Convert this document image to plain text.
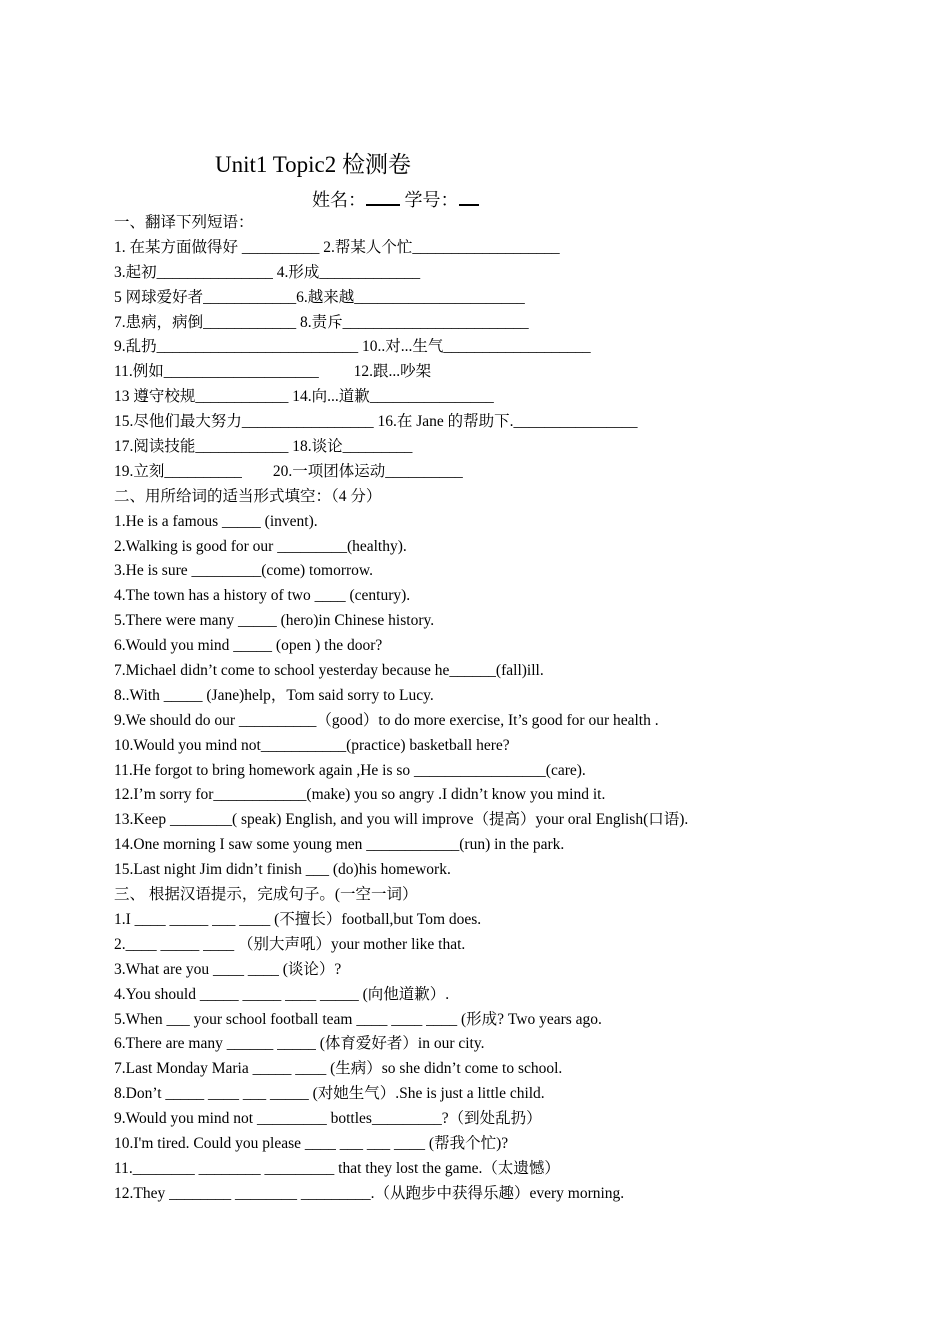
Unit1 Topic2 检测卷
姓名： 学号：
一、翻译下列短语：
1. 在某方面做得好 __________ 2.帮某人个忙___________________
3.起初_______________ 4.形成_____________
5 网球爱好者____________6.越来越______________________
7.患病，病倒____________ 8.责斥________________________
9.乱扔__________________________ 10..对...生气___________________
11.例如____________________         12.跟...吵架
13 遵守校规____________ 14.向...道歉________________
15.尽他们最大努力_________________ 16.在 Jane 的帮助下.________________
17.阅读技能____________ 18.谈论_________
19.立刻__________        20.一项团体运动__________
二、用所给词的适当形式填空：（4 分）
1.He is a famous _____ (invent).
2.Walking is good for our _________(healthy).
3.He is sure _________(come) tomorrow.
4.The town has a history of two ____ (century).
5.There were many _____ (hero)in Chinese history.
6.Would you mind _____ (open ) the door?
7.Michael didn’t come to school yesterday because he______(fall)ill.
8..With _____ (Jane)help，Tom said sorry to Lucy.
9.We should do our __________（good）to do more exercise, It’s good for our health .
10.Would you mind not___________(practice) basketball here?
11.He forgot to bring homework again ,He is so _________________(care).
12.I’m sorry for____________(make) you so angry .I didn’t know you mind it.
13.Keep ________( speak) English, and you will improve（提高）your oral English(口语).
14.One morning I saw some young men ____________(run) in the park.
15.Last night Jim didn’t finish ___ (do)his homework.
三、 根据汉语提示，完成句子。(一空一词）
1.I ____ _____ ___ ____ (不擅长）football,but Tom does.
2.____ _____ ____ （别大声吼）your mother like that.
3.What are you ____ ____ (谈论）?
4.You should _____ _____ ____ _____ (向他道歉）.
5.When ___ your school football team ____ ____ ____ (形成? Two years ago.
6.There are many ______ _____ (体育爱好者）in our city.
7.Last Monday Maria _____ ____ (生病）so she didn’t come to school.
8.Don’t _____ ____ ___ _____ (对她生气）.She is just a little child.
9.Would you mind not _________ bottles_________?（到处乱扔）
10.I'm tired. Could you please ____ ___ ___ ____ (帮我个忙)?
11.________ ________ _________ that they lost the game.（太遗憾）
12.They ________ ________ _________.（从跑步中获得乐趣）every morning.
